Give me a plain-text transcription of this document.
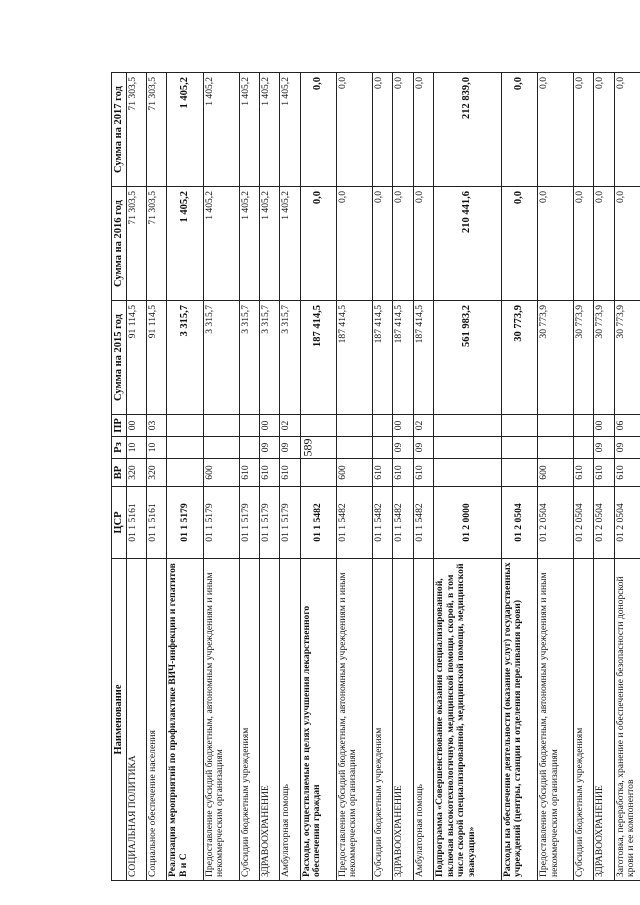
589
Наименование	ЦСР	ВР	Рз	ПР	Сумма на 2015 год	Сумма на 2016 год	Сумма на 2017 год
СОЦИАЛЬНАЯ ПОЛИТИКА	01 1 5161	320	10	00	91 114,5	71 303,5	71 303,5
Социальное обеспечение населения	01 1 5161	320	10	03	91 114,5	71 303,5	71 303,5
Реализация мероприятий по профилактике ВИЧ-инфекции и гепатитов В и С	01 1 5179				3 315,7	1 405,2	1 405,2
Предоставление субсидий бюджетным, автономным учреждениям и иным некоммерческим организациям	01 1 5179	600			3 315,7	1 405,2	1 405,2
Субсидии бюджетным учреждениям	01 1 5179	610			3 315,7	1 405,2	1 405,2
ЗДРАВООХРАНЕНИЕ	01 1 5179	610	09	00	3 315,7	1 405,2	1 405,2
Амбулаторная помощь	01 1 5179	610	09	02	3 315,7	1 405,2	1 405,2
Расходы, осуществляемые в целях улучшения лекарственного обеспечения граждан	01 1 5482				187 414,5	0,0	0,0
Предоставление субсидий бюджетным, автономным учреждениям и иным некоммерческим организациям	01 1 5482	600			187 414,5	0,0	0,0
Субсидии бюджетным учреждениям	01 1 5482	610			187 414,5	0,0	0,0
ЗДРАВООХРАНЕНИЕ	01 1 5482	610	09	00	187 414,5	0,0	0,0
Амбулаторная помощь	01 1 5482	610	09	02	187 414,5	0,0	0,0
Подпрограмма «Совершенствование оказания специализированной, включая высокотехнологичную, медицинской помощи, скорой, в том числе скорой специализированной, медицинской помощи, медицинской эвакуации»	01 2 0000				561 983,2	210 441,6	212 839,0
Расходы на обеспечение деятельности (оказание услуг) государственных учреждений (центры, станции и отделения переливания крови)	01 2 0504				30 773,9	0,0	0,0
Предоставление субсидий бюджетным, автономным учреждениям и иным некоммерческим организациям	01 2 0504	600			30 773,9	0,0	0,0
Субсидии бюджетным учреждениям	01 2 0504	610			30 773,9	0,0	0,0
ЗДРАВООХРАНЕНИЕ	01 2 0504	610	09	00	30 773,9	0,0	0,0
Заготовка, переработка, хранение и обеспечение безопасности донорской крови и ее компонентов	01 2 0504	610	09	06	30 773,9	0,0	0,0
